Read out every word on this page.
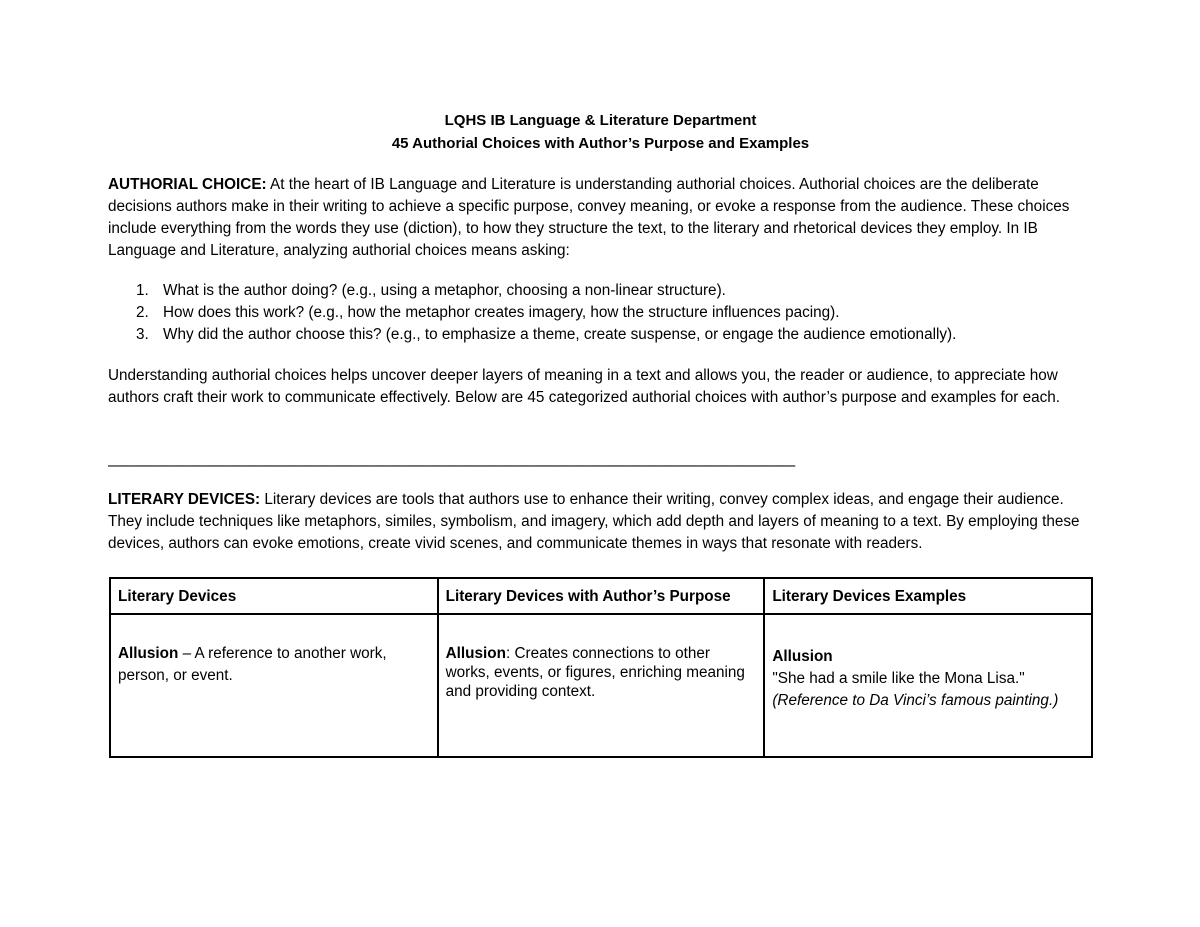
LQHS IB Language & Literature Department
45 Authorial Choices with Author’s Purpose and Examples
AUTHORIAL CHOICE: At the heart of IB Language and Literature is understanding authorial choices. Authorial choices are the deliberate decisions authors make in their writing to achieve a specific purpose, convey meaning, or evoke a response from the audience. These choices include everything from the words they use (diction), to how they structure the text, to the literary and rhetorical devices they employ. In IB Language and Literature, analyzing authorial choices means asking:
1. What is the author doing? (e.g., using a metaphor, choosing a non-linear structure).
2. How does this work? (e.g., how the metaphor creates imagery, how the structure influences pacing).
3. Why did the author choose this? (e.g., to emphasize a theme, create suspense, or engage the audience emotionally).
Understanding authorial choices helps uncover deeper layers of meaning in a text and allows you, the reader or audience, to appreciate how authors craft their work to communicate effectively. Below are 45 categorized authorial choices with author’s purpose and examples for each.
————————————————————————————————————————————————
LITERARY DEVICES: Literary devices are tools that authors use to enhance their writing, convey complex ideas, and engage their audience. They include techniques like metaphors, similes, symbolism, and imagery, which add depth and layers of meaning to a text. By employing these devices, authors can evoke emotions, create vivid scenes, and communicate themes in ways that resonate with readers.
Literary Devices	Literary Devices with Author’s Purpose	Literary Devices Examples
Allusion – A reference to another work, person, or event.	Allusion: Creates connections to other works, events, or figures, enriching meaning and providing context.	Allusion
"She had a smile like the Mona Lisa."
(Reference to Da Vinci’s famous painting.)
